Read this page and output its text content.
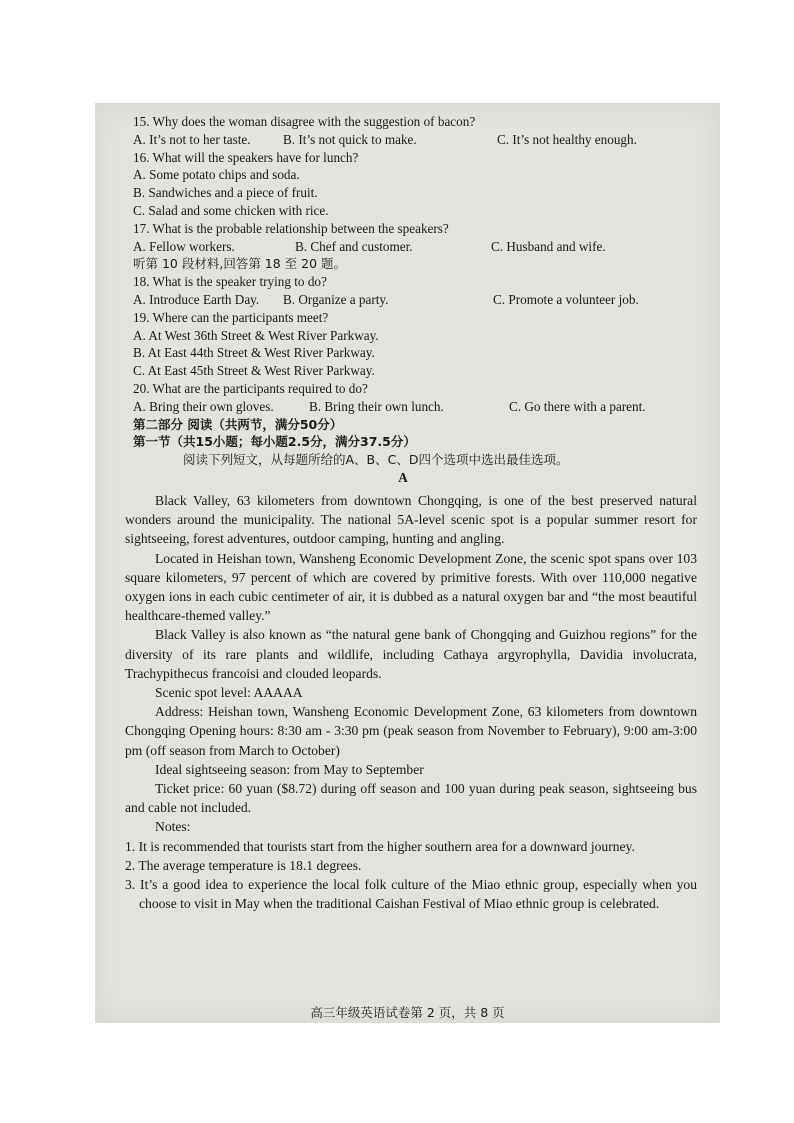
15. Why does the woman disagree with the suggestion of bacon?
A. It’s not to her taste.	B. It’s not quick to make.	C. It’s not healthy enough.
16. What will the speakers have for lunch?
A. Some potato chips and soda.
B. Sandwiches and a piece of fruit.
C. Salad and some chicken with rice.
17. What is the probable relationship between the speakers?
A. Fellow workers.	B. Chef and customer.	C. Husband and wife.
听第 10 段材料,回答第 18 至 20 题。
18. What is the speaker trying to do?
A. Introduce Earth Day.	B. Organize a party.	C. Promote a volunteer job.
19. Where can the participants meet?
A. At West 36th Street & West River Parkway.
B. At East 44th Street & West River Parkway.
C. At East 45th Street & West River Parkway.
20. What are the participants required to do?
A. Bring their own gloves.	B. Bring their own lunch.	C. Go there with a parent.
第二部分 阅读（共两节，满分50分）
第一节（共15小题；每小题2.5分，满分37.5分）
阅读下列短文，从每题所给的A、B、C、D四个选项中选出最佳选项。
A

Black Valley, 63 kilometers from downtown Chongqing, is one of the best preserved natural wonders around the municipality. The national 5A-level scenic spot is a popular summer resort for sightseeing, forest adventures, outdoor camping, hunting and angling.

Located in Heishan town, Wansheng Economic Development Zone, the scenic spot spans over 103 square kilometers, 97 percent of which are covered by primitive forests. With over 110,000 negative oxygen ions in each cubic centimeter of air, it is dubbed as a natural oxygen bar and “the most beautiful healthcare-themed valley.”

Black Valley is also known as “the natural gene bank of Chongqing and Guizhou regions” for the diversity of its rare plants and wildlife, including Cathaya argyrophylla, Davidia involucrata, Trachypithecus francoisi and clouded leopards.

Scenic spot level: AAAAA

Address: Heishan town, Wansheng Economic Development Zone, 63 kilometers from downtown Chongqing Opening hours: 8:30 am - 3:30 pm (peak season from November to February), 9:00 am-3:00 pm (off season from March to October)

Ideal sightseeing season: from May to September

Ticket price: 60 yuan ($8.72) during off season and 100 yuan during peak season, sightseeing bus and cable not included.

Notes:

1. It is recommended that tourists start from the higher southern area for a downward journey.

2. The average temperature is 18.1 degrees.

3. It’s a good idea to experience the local folk culture of the Miao ethnic group, especially when you choose to visit in May when the traditional Caishan Festival of Miao ethnic group is celebrated.

高三年级英语试卷第 2 页，共 8 页
